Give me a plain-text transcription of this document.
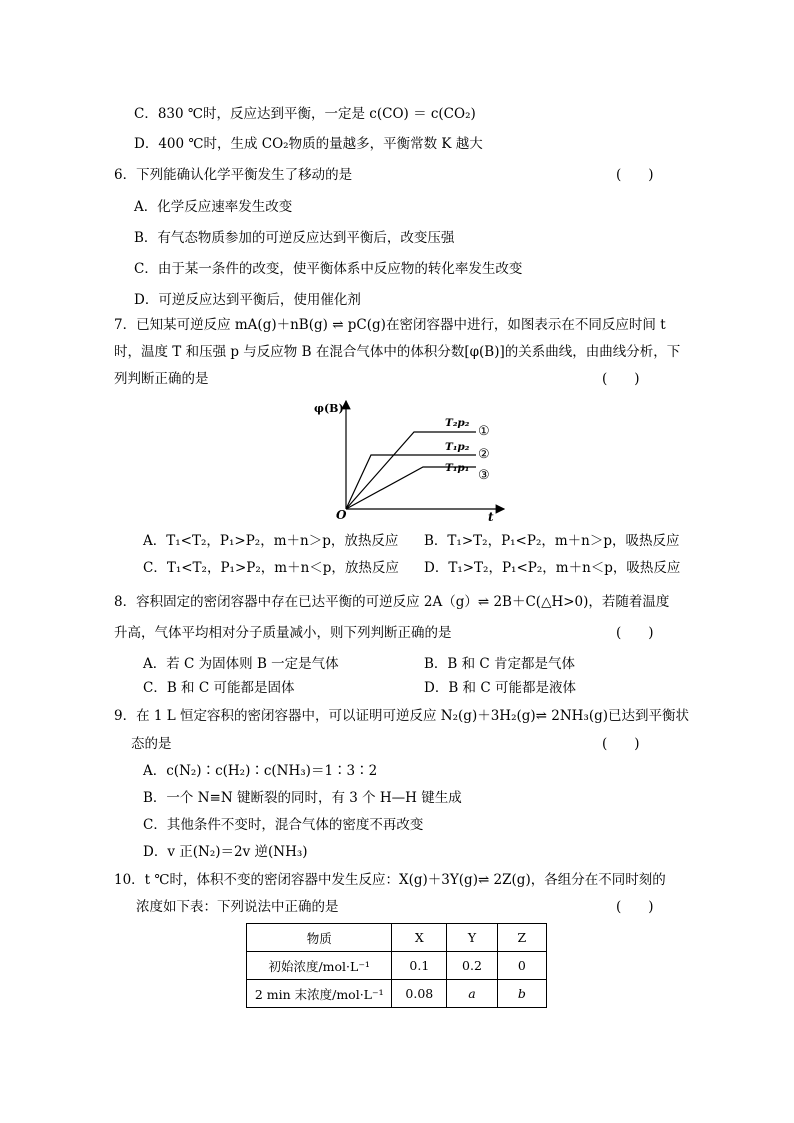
C．830 ℃时，反应达到平衡，一定是 c(CO) ＝ c(CO₂)
D．400 ℃时，生成 CO₂物质的量越多，平衡常数 K 越大
6．下列能确认化学平衡发生了移动的是	(　　)
A．化学反应速率发生改变
B．有气态物质参加的可逆反应达到平衡后，改变压强
C．由于某一条件的改变，使平衡体系中反应物的转化率发生改变
D．可逆反应达到平衡后，使用催化剂
7．已知某可逆反应 mA(g)＋nB(g) ⇌ pC(g)在密闭容器中进行，如图表示在不同反应时间 t
时，温度 T 和压强 p 与反应物 B 在混合气体中的体积分数[φ(B)]的关系曲线，由曲线分析，下
列判断正确的是	(　　)
φ(B)
t
O
T₂p₂
①
T₁p₂ ②
T₁p₁ ③
A．T₁<T₂，P₁>P₂，m＋n＞p，放热反应 B．T₁>T₂，P₁<P₂，m＋n＞p，吸热反应
C．T₁<T₂，P₁>P₂，m＋n＜p，放热反应 D．T₁>T₂，P₁<P₂，m＋n＜p，吸热反应
8．容积固定的密闭容器中存在已达平衡的可逆反应 2A（g）⇌ 2B＋C(△H>0)，若随着温度
升高，气体平均相对分子质量减小，则下列判断正确的是	(　　)
A．若 C 为固体则 B 一定是气体	B．B 和 C 肯定都是气体
C．B 和 C 可能都是固体	D．B 和 C 可能都是液体
9．在 1 L 恒定容积的密闭容器中，可以证明可逆反应 N₂(g)＋3H₂(g)⇌ 2NH₃(g)已达到平衡状
态的是	(　　)
A．c(N₂)∶c(H₂)∶c(NH₃)＝1∶3∶2
B．一个 N≡N 键断裂的同时，有 3 个 H—H 键生成
C．其他条件不变时，混合气体的密度不再改变
D．v 正(N₂)＝2v 逆(NH₃)
10．t ℃时，体积不变的密闭容器中发生反应：X(g)＋3Y(g)⇌ 2Z(g)，各组分在不同时刻的
浓度如下表：下列说法中正确的是	(　　)
物质	X	Y	Z
初始浓度/mol·L⁻¹	0.1	0.2	0
2 min 末浓度/mol·L⁻¹	0.08	a	b
